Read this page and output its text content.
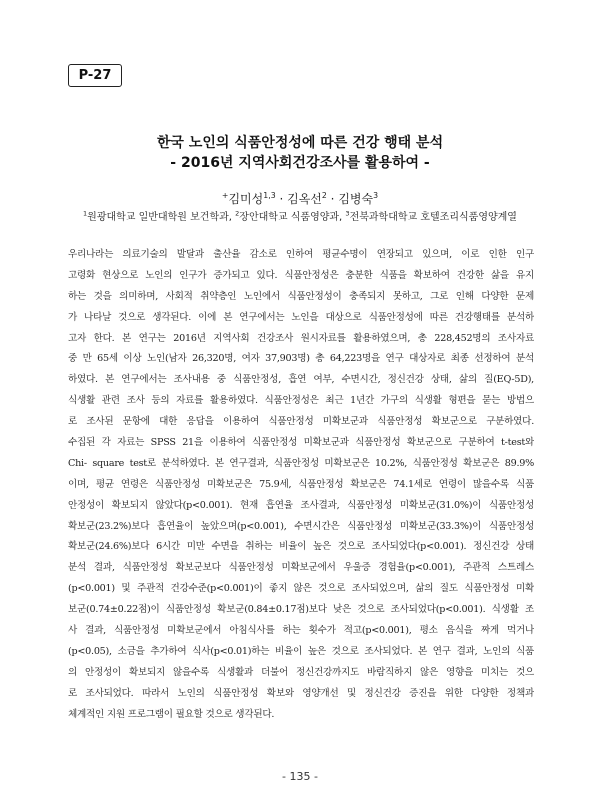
P-27
한국 노인의 식품안정성에 따른 건강 행태 분석
- 2016년 지역사회건강조사를 활용하여 -
+김미성$^{1,3}$ · 김옥선$^2$ · 김병숙$^3$
$^1$원광대학교 일반대학원 보건학과, $^2$장안대학교 식품영양과, $^3$전북과학대학교 호텔조리식품영양계열
우리나라는 의료기술의 발달과 출산율 감소로 인하여 평균수명이 연장되고 있으며, 이로 인한 인구
고령화 현상으로 노인의 인구가 증가되고 있다. 식품안정성은 충분한 식품을 확보하여 건강한 삶을 유지
하는 것을 의미하며, 사회적 취약층인 노인에서 식품안정성이 충족되지 못하고, 그로 인해 다양한 문제
가 나타날 것으로 생각된다. 이에 본 연구에서는 노인을 대상으로 식품안정성에 따른 건강행태를 분석하
고자 한다. 본 연구는 2016년 지역사회 건강조사 원시자료를 활용하였으며, 총 228,452명의 조사자료
중 만 65세 이상 노인(남자 26,320명, 여자 37,903명) 총 64,223명을 연구 대상자로 최종 선정하여 분석
하였다. 본 연구에서는 조사내용 중 식품안정성, 흡연 여부, 수면시간, 정신건강 상태, 삶의 질(EQ-5D),
식생활 관련 조사 등의 자료를 활용하였다. 식품안정성은 최근 1년간 가구의 식생활 형편을 묻는 방법으
로 조사된 문항에 대한 응답을 이용하여 식품안정성 미확보군과 식품안정성 확보군으로 구분하였다.
수집된 각 자료는 SPSS 21을 이용하여 식품안정성 미확보군과 식품안정성 확보군으로 구분하여 t-test와
Chi- square test로 분석하였다. 본 연구결과, 식품안정성 미확보군은 10.2%, 식품안정성 확보군은 89.9%
이며, 평균 연령은 식품안정성 미확보군은 75.9세, 식품안정성 확보군은 74.1세로 연령이 많을수록 식품
안정성이 확보되지 않았다(p<0.001). 현재 흡연율 조사결과, 식품안정성 미확보군(31.0%)이 식품안정성
확보군(23.2%)보다 흡연율이 높았으며(p<0.001), 수면시간은 식품안정성 미확보군(33.3%)이 식품안정성
확보군(24.6%)보다 6시간 미만 수면을 취하는 비율이 높은 것으로 조사되었다(p<0.001). 정신건강 상태
분석 결과, 식품안정성 확보군보다 식품안정성 미확보군에서 우울증 경험율(p<0.001), 주관적 스트레스
(p<0.001) 및 주관적 건강수준(p<0.001)이 좋지 않은 것으로 조사되었으며, 삶의 질도 식품안정성 미확
보군(0.74±0.22점)이 식품안정성 확보군(0.84±0.17점)보다 낮은 것으로 조사되었다(p<0.001). 식생활 조
사 결과, 식품안정성 미확보군에서 아침식사를 하는 횟수가 적고(p<0.001), 평소 음식을 짜게 먹거나
(p<0.05), 소금을 추가하여 식사(p<0.01)하는 비율이 높은 것으로 조사되었다. 본 연구 결과, 노인의 식품
의 안정성이 확보되지 않을수록 식생활과 더불어 정신건강까지도 바람직하지 않은 영향을 미치는 것으
로 조사되었다. 따라서 노인의 식품안정성 확보와 영양개선 및 정신건강 증진을 위한 다양한 정책과
체계적인 지원 프로그램이 필요할 것으로 생각된다.
- 135 -
